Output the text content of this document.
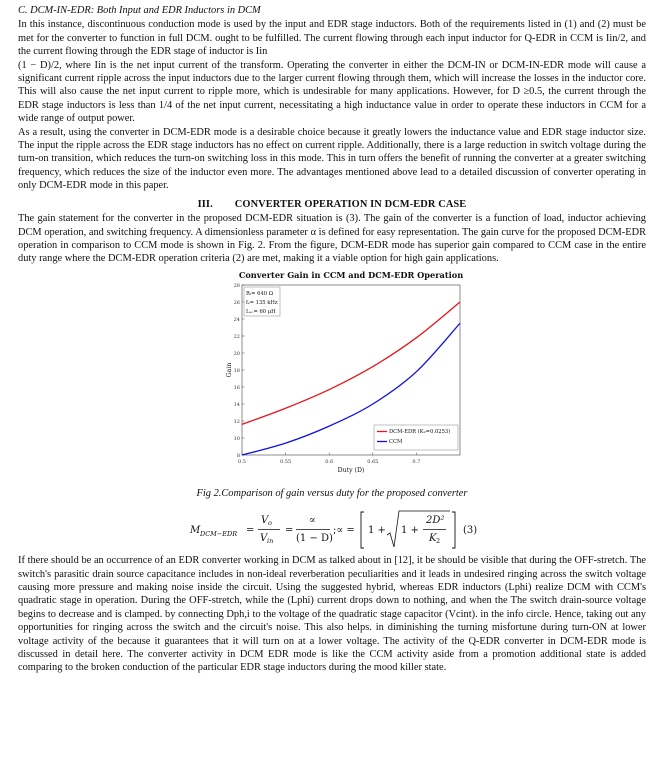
C. DCM-IN-EDR: Both Input and EDR Inductors in DCM

In this instance, discontinuous conduction mode is used by the input and EDR stage inductors. Both of the requirements listed in (1) and (2) must be met for the converter to function in full DCM. ought to be fulfilled. The current flowing through each input inductor for Q-EDR in CCM is Iin/2, and the current flowing through the EDR stage of inductor is Iin

(1 − D)/2, where Iin is the net input current of the transform. Operating the converter in either the DCM-IN or DCM-IN-EDR mode will cause a significant current ripple across the input inductors due to the larger current flowing through them, which will increase the losses in the inductor core. This will also cause the net input current to ripple more, which is undesirable for many applications. However, for D ≥0.5, the current through the EDR stage inductors is less than 1/4 of the net input current, necessitating a high inductance value in order to operate these inductors in CCM for a wide range of output power.

As a result, using the converter in DCM-EDR mode is a desirable choice because it greatly lowers the inductance value and EDR stage inductor size. The input the ripple across the EDR stage inductors has no effect on current ripple. Additionally, there is a large reduction in switch voltage during the turn-on transition, which reduces the turn-on switching loss in this mode. This in turn offers the benefit of running the converter at a greater switching frequency, which reduces the size of the inductor even more. The advantages mentioned above lead to a detailed discussion of converter operating in only DCM-EDR mode in this paper.

III. CONVERTER OPERATION IN DCM-EDR CASE

The gain statement for the converter in the proposed DCM-EDR situation is (3). The gain of the converter is a function of load, inductor achieving DCM operation, and switching frequency. A dimensionless parameter α is defined for easy representation. The gain curve for the proposed DCM-EDR operation in comparison to CCM mode is shown in Fig. 2. From the figure, DCM-EDR mode has superior gain compared to CCM case in the entire duty range where the DCM-EDR operation criteria (2) are met, making it a viable option for high gain applications.

Converter Gain in CCM and DCM-EDR Operation
0.5	0.55	0.6	0.65	0.7
8
10
12
14
16
18
20
22
24
26
28
Duty (D)
Gain
Rₗ= 640 Ω
fₛ= 135 kHz
Lₑₒ= 60 μH
DCM-EDR (K₂=0.0253)
CCM

Fig 2.Comparison of gain versus duty for the proposed converter

M DCM−EDR =
V o
V in
=
∝
(1 − D)
;∝ = 1 + 1 +
2D²
K 2
(3)

If there should be an occurrence of an EDR converter working in DCM as talked about in [12], it be should be visible that during the OFF-stretch. The switch's parasitic drain source capacitance includes in non-ideal reverberation peculiarities and it leads in undesired ringing across the switch voltage causing more pressure and making noise inside the circuit. Using the suggested hybrid, whereas EDR inductors (Lphi) realize DCM with CCM's quadratic stage in operation. During the OFF-stretch, while the (Lphi) current drops down to nothing, and when the The switch drain-source voltage begins to decrease and is clamped. by connecting Dph,i to the voltage of the quadratic stage capacitor (Vcint). in the info circle. Hence, taking out any opportunities for ringing across the switch and the circuit's noise. This also helps. in diminishing the turning misfortune during turn-ON at lower voltage activity of the because it guarantees that it will turn on at a lower voltage. The activity of the Q-EDR converter in DCM-EDR mode is discussed in detail here. The converter activity in DCM EDR mode is like the CCM activity aside from a promotion additional state is added comparing to the broken conduction of the particular EDR stage inductors during the mood killer state.
